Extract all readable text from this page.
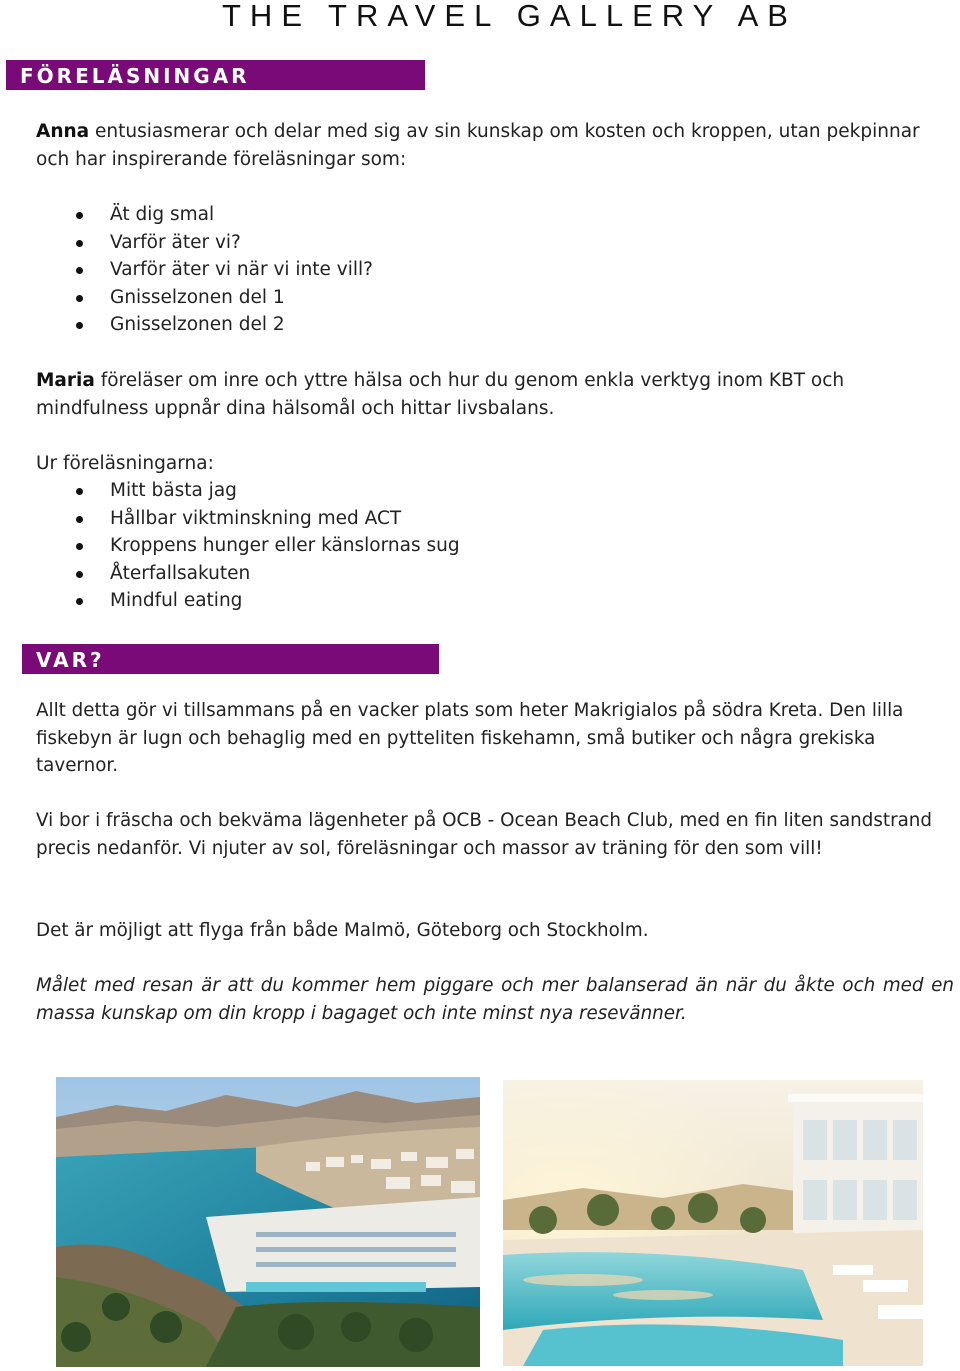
THE TRAVEL GALLERY AB
FÖRELÄSNINGAR
Anna entusiasmerar och delar med sig av sin kunskap om kosten och kroppen, utan pekpinnar och har inspirerande föreläsningar som:
Ät dig smal
Varför äter vi?
Varför äter vi när vi inte vill?
Gnisselzonen del 1
Gnisselzonen del 2
Maria föreläser om inre och yttre hälsa och hur du genom enkla verktyg inom KBT och mindfulness uppnår dina hälsomål och hittar livsbalans.
Ur föreläsningarna:
Mitt bästa jag
Hållbar viktminskning med ACT
Kroppens hunger eller känslornas sug
Återfallsakuten
Mindful eating
VAR?
Allt detta gör vi tillsammans på en vacker plats som heter Makrigialos på södra Kreta. Den lilla fiskebyn är lugn och behaglig med en pytteliten fiskehamn, små butiker och några grekiska tavernor.
Vi bor i fräscha och bekväma lägenheter på OCB - Ocean Beach Club, med en fin liten sandstrand precis nedanför. Vi njuter av sol, föreläsningar och massor av träning för den som vill!
Det är möjligt att flyga från både Malmö, Göteborg och Stockholm.
Målet med resan är att du kommer hem piggare och mer balanserad än när du åkte och med en massa kunskap om din kropp i bagaget och inte minst nya resevänner.
